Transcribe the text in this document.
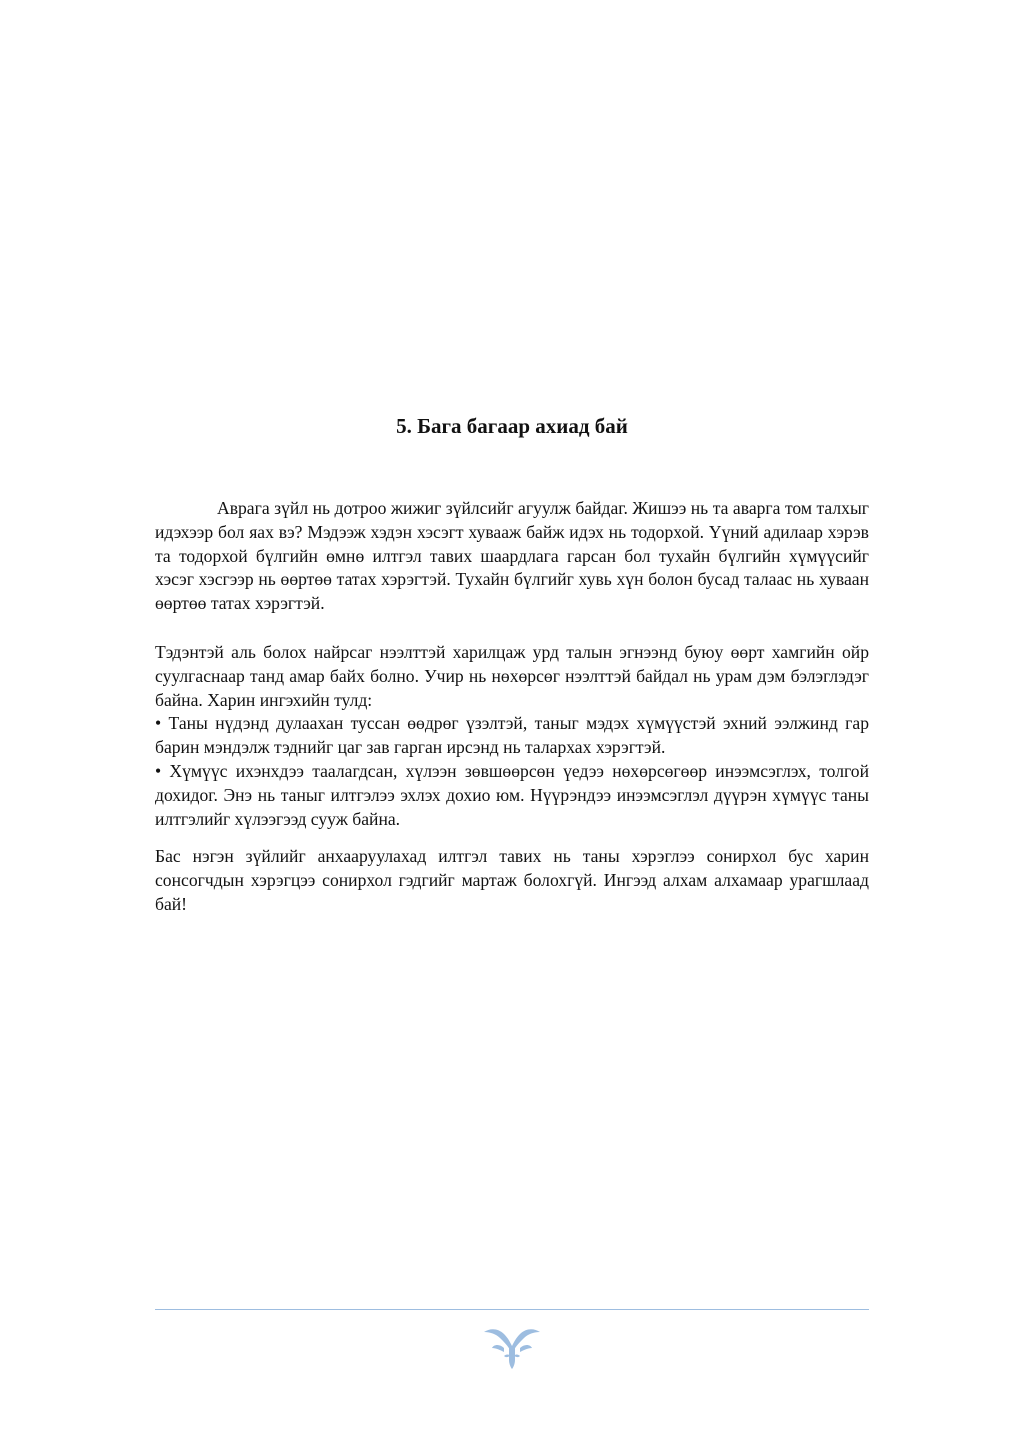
5. Бага багаар ахиад бай

Аврага зүйл нь дотроо жижиг зүйлсийг агуулж байдаг. Жишээ нь та аварга том талхыг идэхээр бол яах вэ? Мэдээж хэдэн хэсэгт хувааж байж идэх нь тодорхой. Үүний адилаар хэрэв та тодорхой бүлгийн өмнө илтгэл тавих шаардлага гарсан бол тухайн бүлгийн хүмүүсийг хэсэг хэсгээр нь өөртөө татах хэрэгтэй. Тухайн бүлгийг хувь хүн болон бусад талаас нь хуваан өөртөө татах хэрэгтэй.

Тэдэнтэй аль болох найрсаг нээлттэй харилцаж урд талын эгнээнд буюу өөрт хамгийн ойр суулгаснаар танд амар байх болно. Учир нь нөхөрсөг нээлттэй байдал нь урам дэм бэлэглэдэг байна. Харин ингэхийн тулд:
• Таны нүдэнд дулаахан туссан өөдрөг үзэлтэй, таныг мэдэх хүмүүстэй эхний ээлжинд гар барин мэндэлж тэднийг цаг зав гарган ирсэнд нь талархах хэрэгтэй.
• Хүмүүс ихэнхдээ таалагдсан, хүлээн зөвшөөрсөн үедээ нөхөрсөгөөр инээмсэглэх, толгой дохидог. Энэ нь таныг илтгэлээ эхлэх дохио юм. Нүүрэндээ инээмсэглэл дүүрэн хүмүүс таны илтгэлийг хүлээгээд сууж байна.

Бас нэгэн зүйлийг анхааруулахад илтгэл тавих нь таны хэрэглээ сонирхол бус харин сонсогчдын хэрэгцээ сонирхол гэдгийг мартаж болохгүй. Ингээд алхам алхамаар урагшлаад бай!
